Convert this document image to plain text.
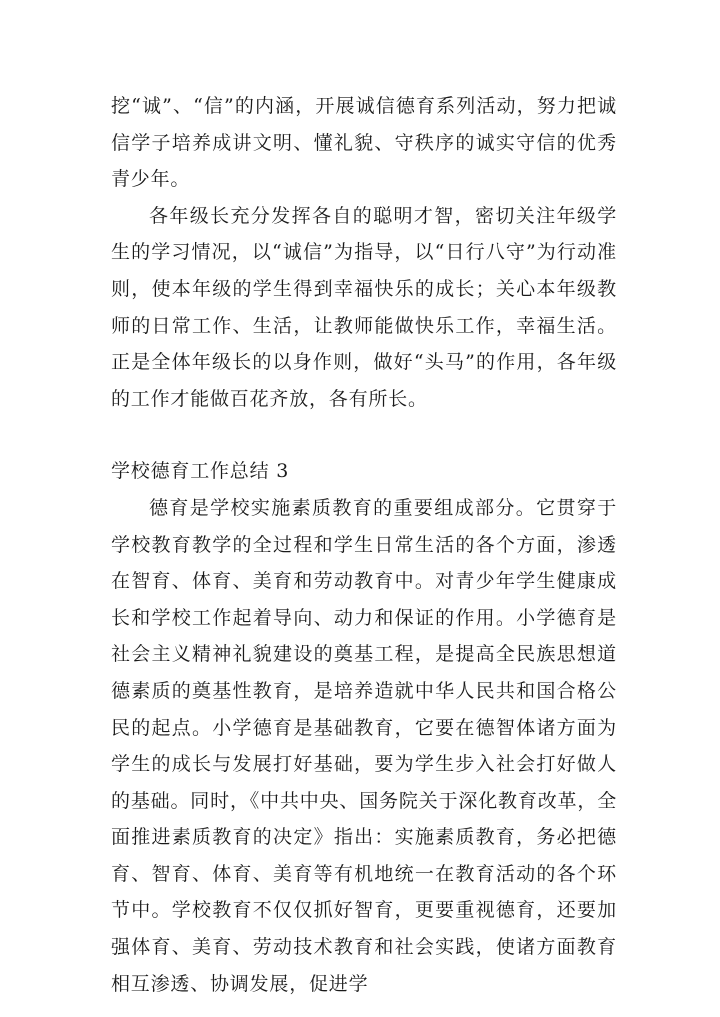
挖“诚”、“信”的内涵，开展诚信德育系列活动，努力把诚信学子培养成讲文明、懂礼貌、守秩序的诚实守信的优秀青少年。

各年级长充分发挥各自的聪明才智，密切关注年级学生的学习情况，以“诚信”为指导，以“日行八守”为行动准则，使本年级的学生得到幸福快乐的成长；关心本年级教师的日常工作、生活，让教师能做快乐工作，幸福生活。正是全体年级长的以身作则，做好“头马”的作用，各年级的工作才能做百花齐放，各有所长。

学校德育工作总结 3

德育是学校实施素质教育的重要组成部分。它贯穿于学校教育教学的全过程和学生日常生活的各个方面，渗透在智育、体育、美育和劳动教育中。对青少年学生健康成长和学校工作起着导向、动力和保证的作用。小学德育是社会主义精神礼貌建设的奠基工程，是提高全民族思想道德素质的奠基性教育，是培养造就中华人民共和国合格公民的起点。小学德育是基础教育，它要在德智体诸方面为学生的成长与发展打好基础，要为学生步入社会打好做人的基础。同时，《中共中央、国务院关于深化教育改革，全面推进素质教育的决定》指出：实施素质教育，务必把德育、智育、体育、美育等有机地统一在教育活动的各个环节中。学校教育不仅仅抓好智育，更要重视德育，还要加强体育、美育、劳动技术教育和社会实践，使诸方面教育相互渗透、协调发展，促进学
